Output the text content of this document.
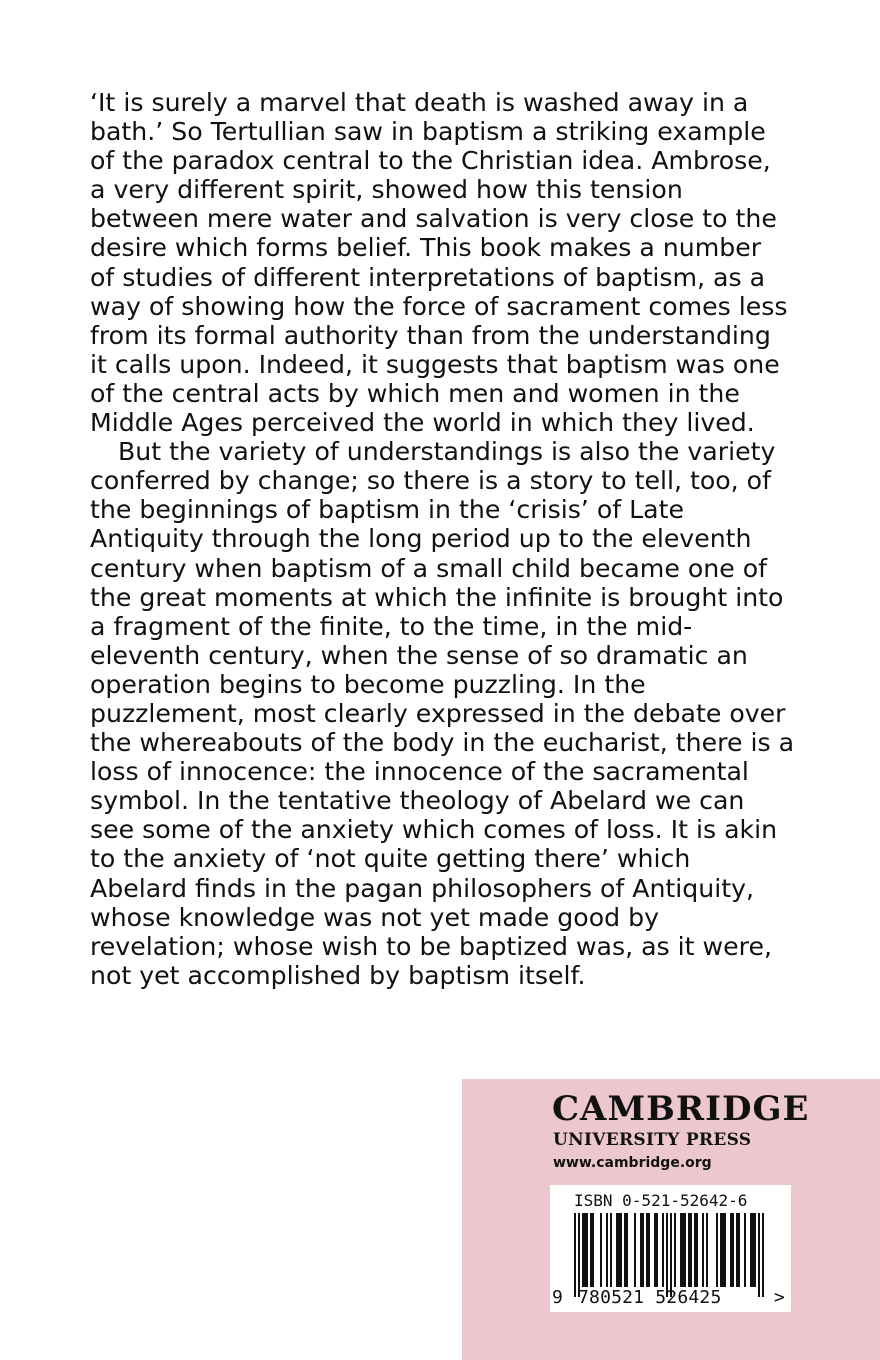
‘It is surely a marvel that death is washed away in a
bath.’ So Tertullian saw in baptism a striking example
of the paradox central to the Christian idea. Ambrose,
a very different spirit, showed how this tension
between mere water and salvation is very close to the
desire which forms belief. This book makes a number
of studies of different interpretations of baptism, as a
way of showing how the force of sacrament comes less
from its formal authority than from the understanding
it calls upon. Indeed, it suggests that baptism was one
of the central acts by which men and women in the
Middle Ages perceived the world in which they lived.

But the variety of understandings is also the variety
conferred by change; so there is a story to tell, too, of
the beginnings of baptism in the ‘crisis’ of Late
Antiquity through the long period up to the eleventh
century when baptism of a small child became one of
the great moments at which the infinite is brought into
a fragment of the finite, to the time, in the mid-
eleventh century, when the sense of so dramatic an
operation begins to become puzzling. In the
puzzlement, most clearly expressed in the debate over
the whereabouts of the body in the eucharist, there is a
loss of innocence: the innocence of the sacramental
symbol. In the tentative theology of Abelard we can
see some of the anxiety which comes of loss. It is akin
to the anxiety of ‘not quite getting there’ which
Abelard finds in the pagan philosophers of Antiquity,
whose knowledge was not yet made good by
revelation; whose wish to be baptized was, as it were,
not yet accomplished by baptism itself.

CAMBRIDGE
UNIVERSITY PRESS
www.cambridge.org
ISBN 0-521-52642-6
9 780521 526425	>
